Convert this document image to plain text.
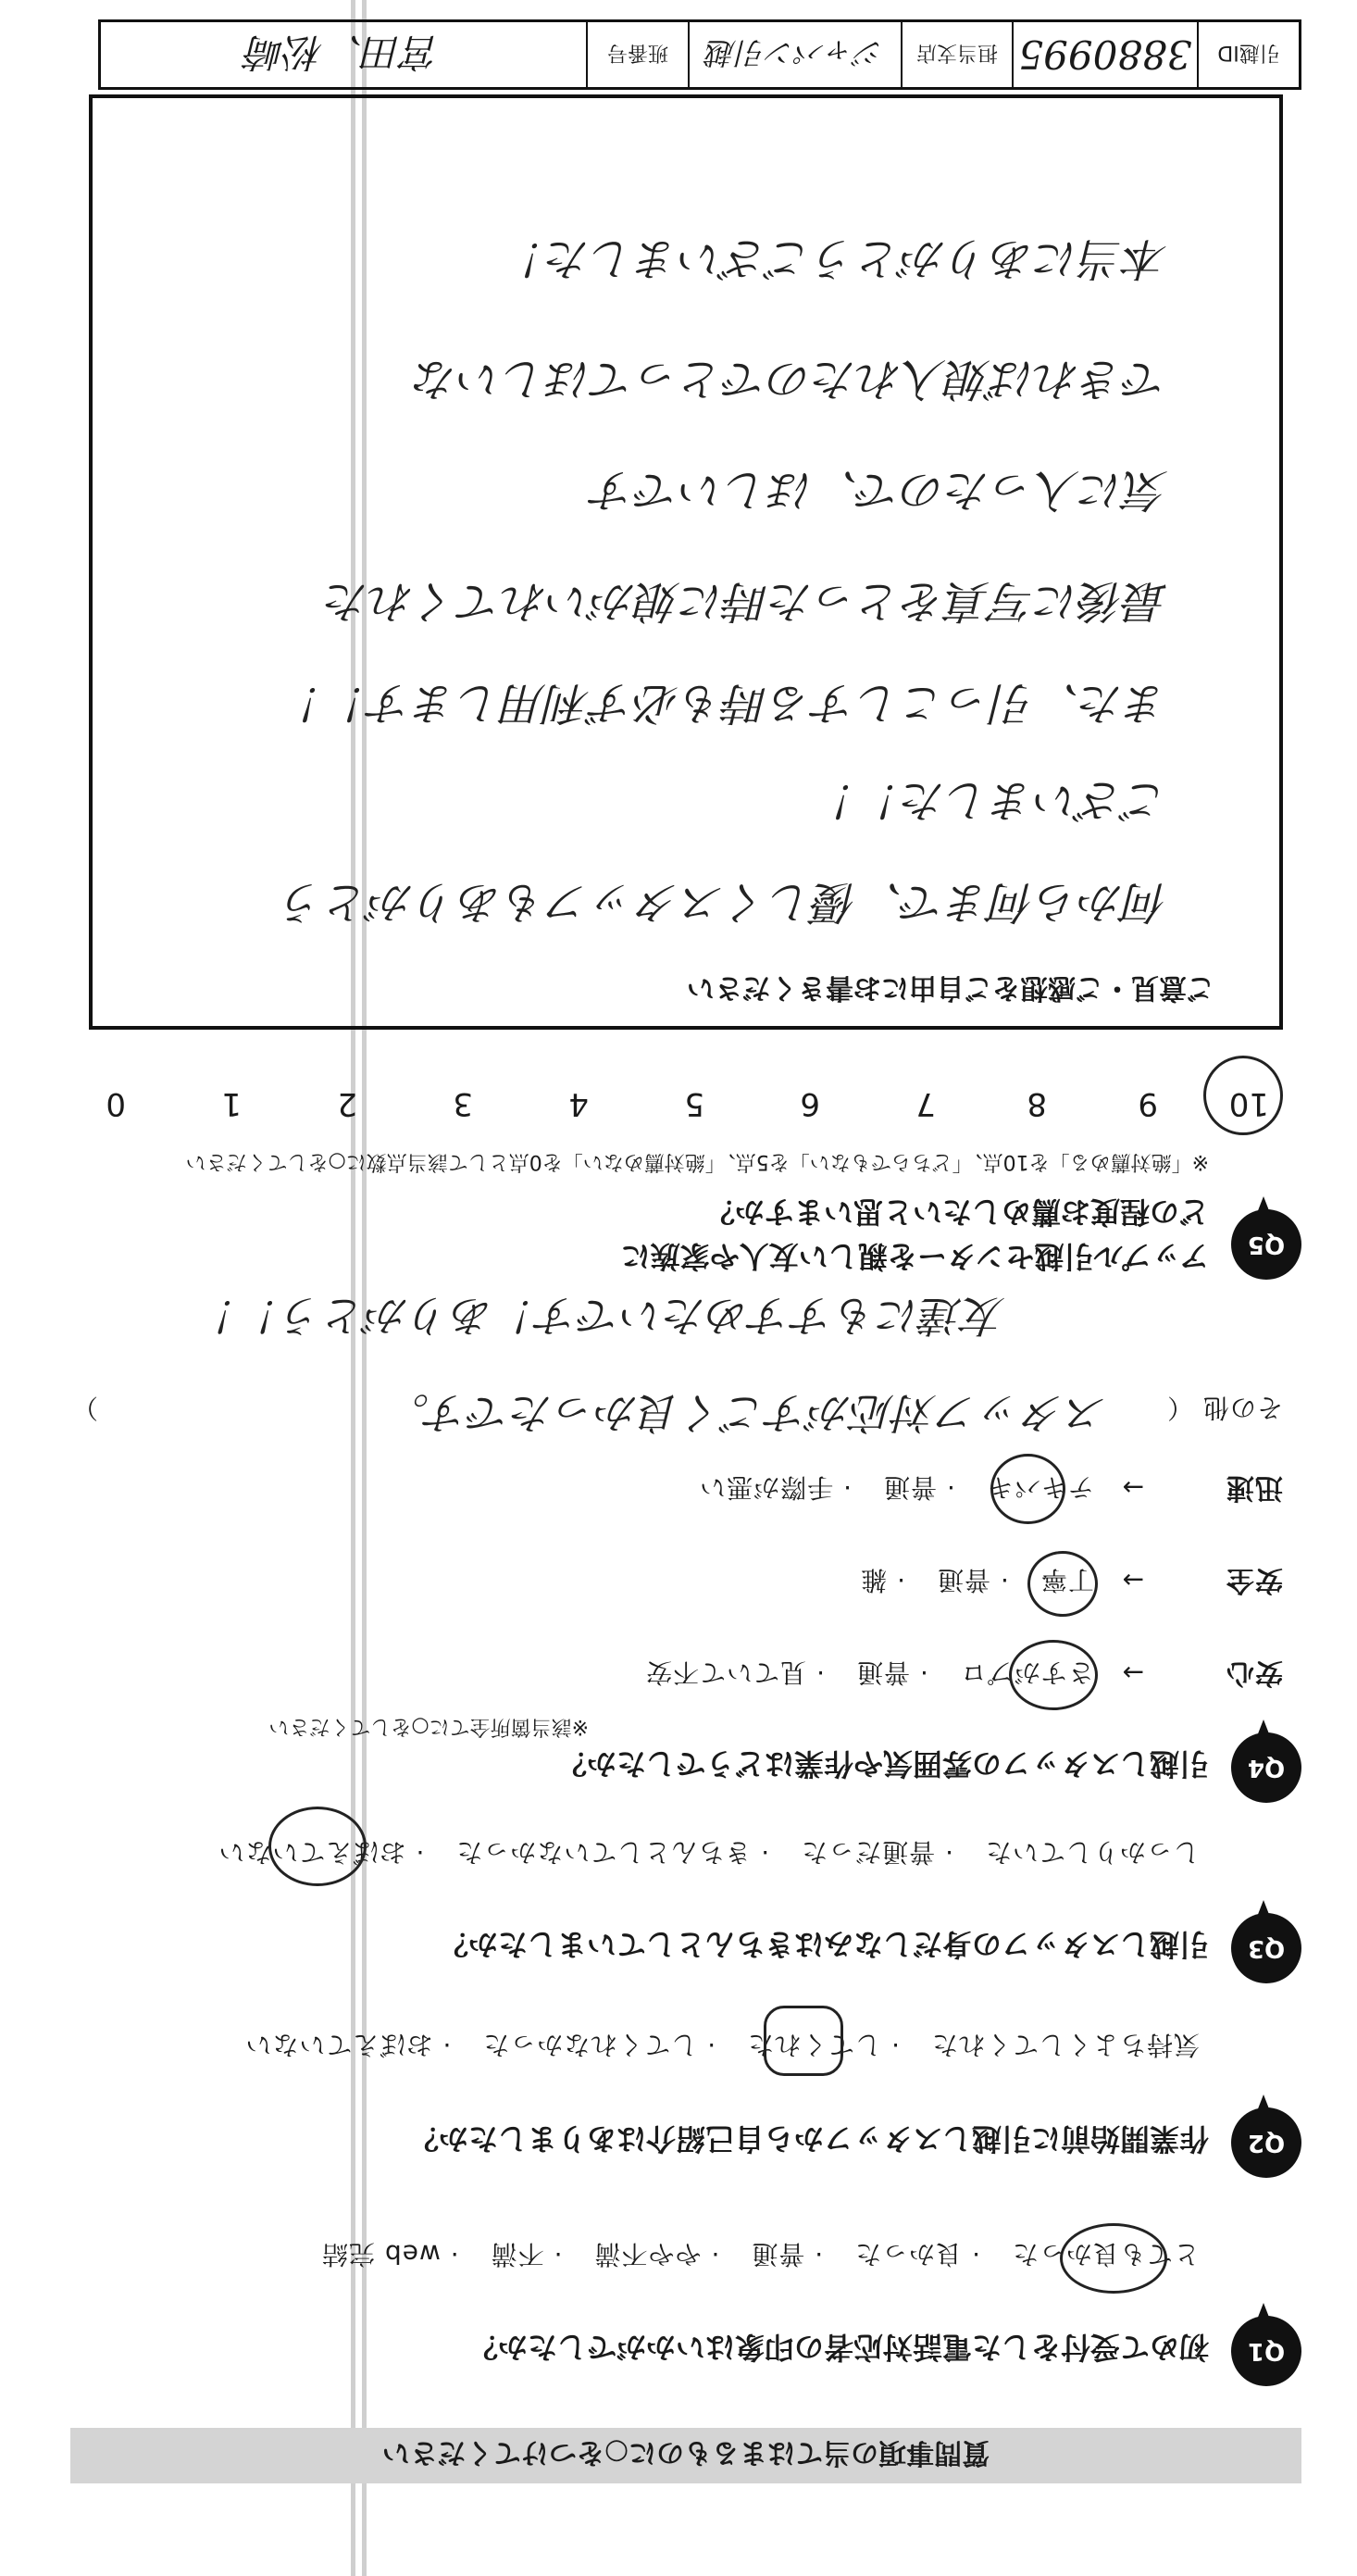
質問事項の当てはまるものに○をつけてください
Q1
初めて受付をした電話対応者の印象はいかがでしたか？
とても良かった· 良かった· 普通· やや不満· 不満· web 完結
Q2
作業開始前に引越しスタッフから自己紹介はありましたか？
気持ちよくしてくれた· してくれた· してくれなかった· おぼえていない
Q3
引越しスタッフの身だしなみはきちんとしていましたか？
しっかりしていた· 普通だった· きちんとしていなかった· おぼえていない
Q4
引越しスタッフの雰囲気や作業はどうでしたか？
※該当箇所全てに○をしてください
安心→   さすがプロ· 普通· 見ていて不安
安全→   丁寧· 普通· 雑
迅速→   テキパキ· 普通· 手際が悪い
その他 （
）	スタッフ対応がすごく良かったです。
友達にもすすめたいです！ありがとう！！
Q5
アップル引越センターを親しい友人や家族に
どの程度お薦めしたいと思いますか？
※「絶対薦める」を10点、「どちらでもない」を5点、「絶対薦めない」を0点として該当点数に○をしてください
10
9
8
7
6
5
4
3
2
1
0
ご意見・ご感想をご自由にお書きください
何から何まで、優しくスタッフもありがとう
ございました！！
また、引っこしする時も必ず利用します！！
最後に写真をとった時に娘がいれてくれた
気に入ったので、ほしいです
できれば娘入れたのでとってほしいな
本当にありがとうございました！
引越ID
3880995
担当支店
ジャパン引越
班番号
宮田、松崎
